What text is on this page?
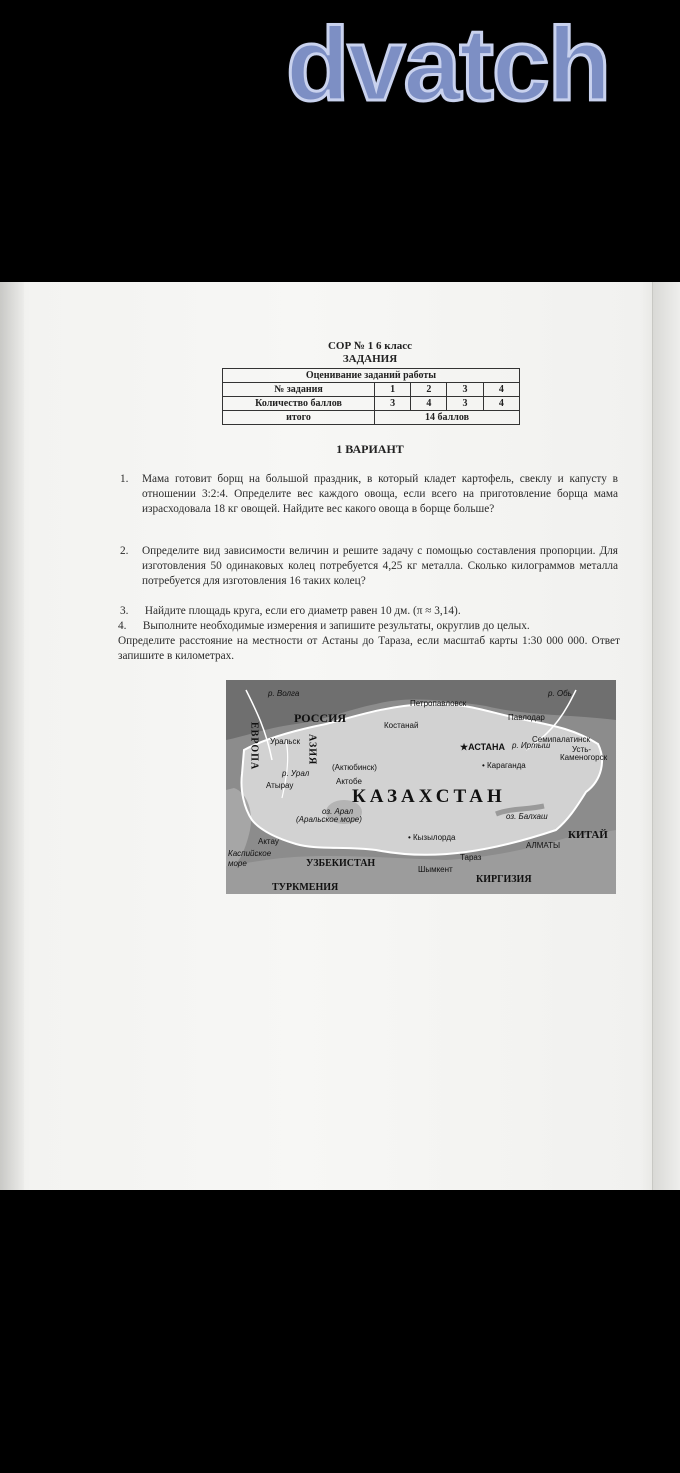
dvatch
СОР № 1 6 класс
ЗАДАНИЯ
Оценивание заданий работы				
№ задания	1	2	3	4
Количество баллов	3	4	3	4
итого	14 баллов			
1 ВАРИАНТ
1.	Мама готовит борщ на большой праздник, в который кладет картофель, свеклу и капусту в отношении 3:2:4. Определите вес каждого овоща, если всего на приготовление борща мама израсходовала 18 кг овощей. Найдите вес какого овоща в борще больше?
2.	Определите вид зависимости величин и решите задачу с помощью составления пропорции. Для изготовления 50 одинаковых колец потребуется 4,25 кг металла. Сколько килограммов металла потребуется для изготовления 16 таких колец?
3. Найдите площадь круга, если его диаметр равен 10 дм. (π ≈ 3,14).
4. Выполните необходимые измерения и запишите результаты, округлив до целых.
Определите расстояние на местности от Астаны до Тараза, если масштаб карты 1:30 000 000. Ответ запишите в километрах.
р. Волга	р. Обь
р. Иртыш
р. Урал
оз. Арал
(Аральское море)	оз. Балхаш
Каспийское
море
Петропавловск
Костанай
Павлодар
Уральск
Актобе
(Актюбинск)	• Караганда
Семипалатинск
Усть-
Каменогорск
Атырау
Актау	• Кызылорда
АЛМАТЫ
Тараз
Шымкент
★АСТАНА
РОССИЯ
КАЗАХСТАН
КИТАЙ
УЗБЕКИСТАН
КИРГИЗИЯ
ТУРКМЕНИЯ
ЕВРОПА	АЗИЯ
